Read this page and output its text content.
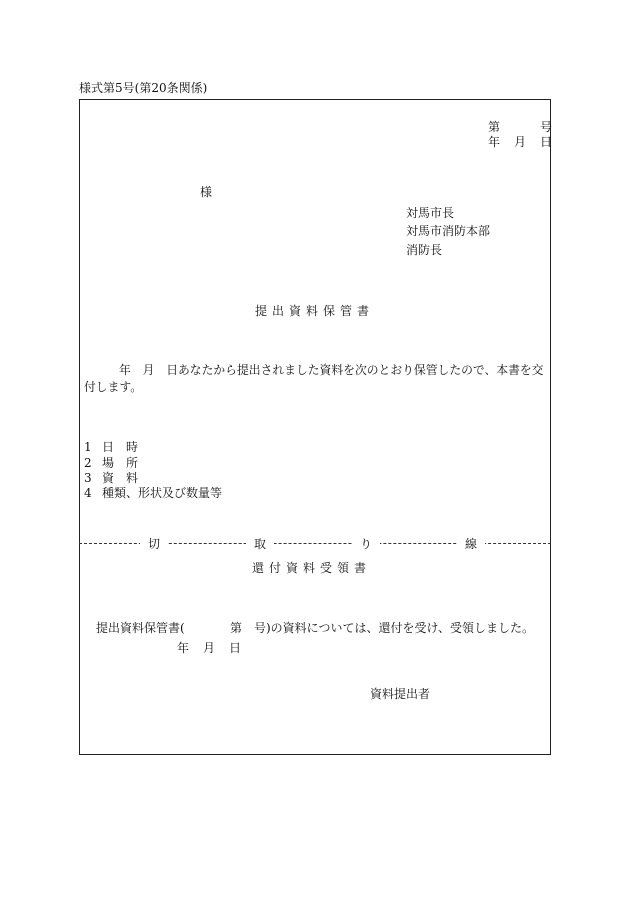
様式第5号(第20条関係)
第　　　号
年　月　日
様
対馬市長
対馬市消防本部
消防長
提出資料保管書
年　月　日あなたから提出されました資料を次のとおり保管したので、本書を交
付します。
1 日　時
2 場　所
3 資　料
4 種類、形状及び数量等
切	取	り	線
還付資料受領書
提出資料保管書(	第　号)の資料については、還付を受け、受領しました。
年　月　日
資料提出者
